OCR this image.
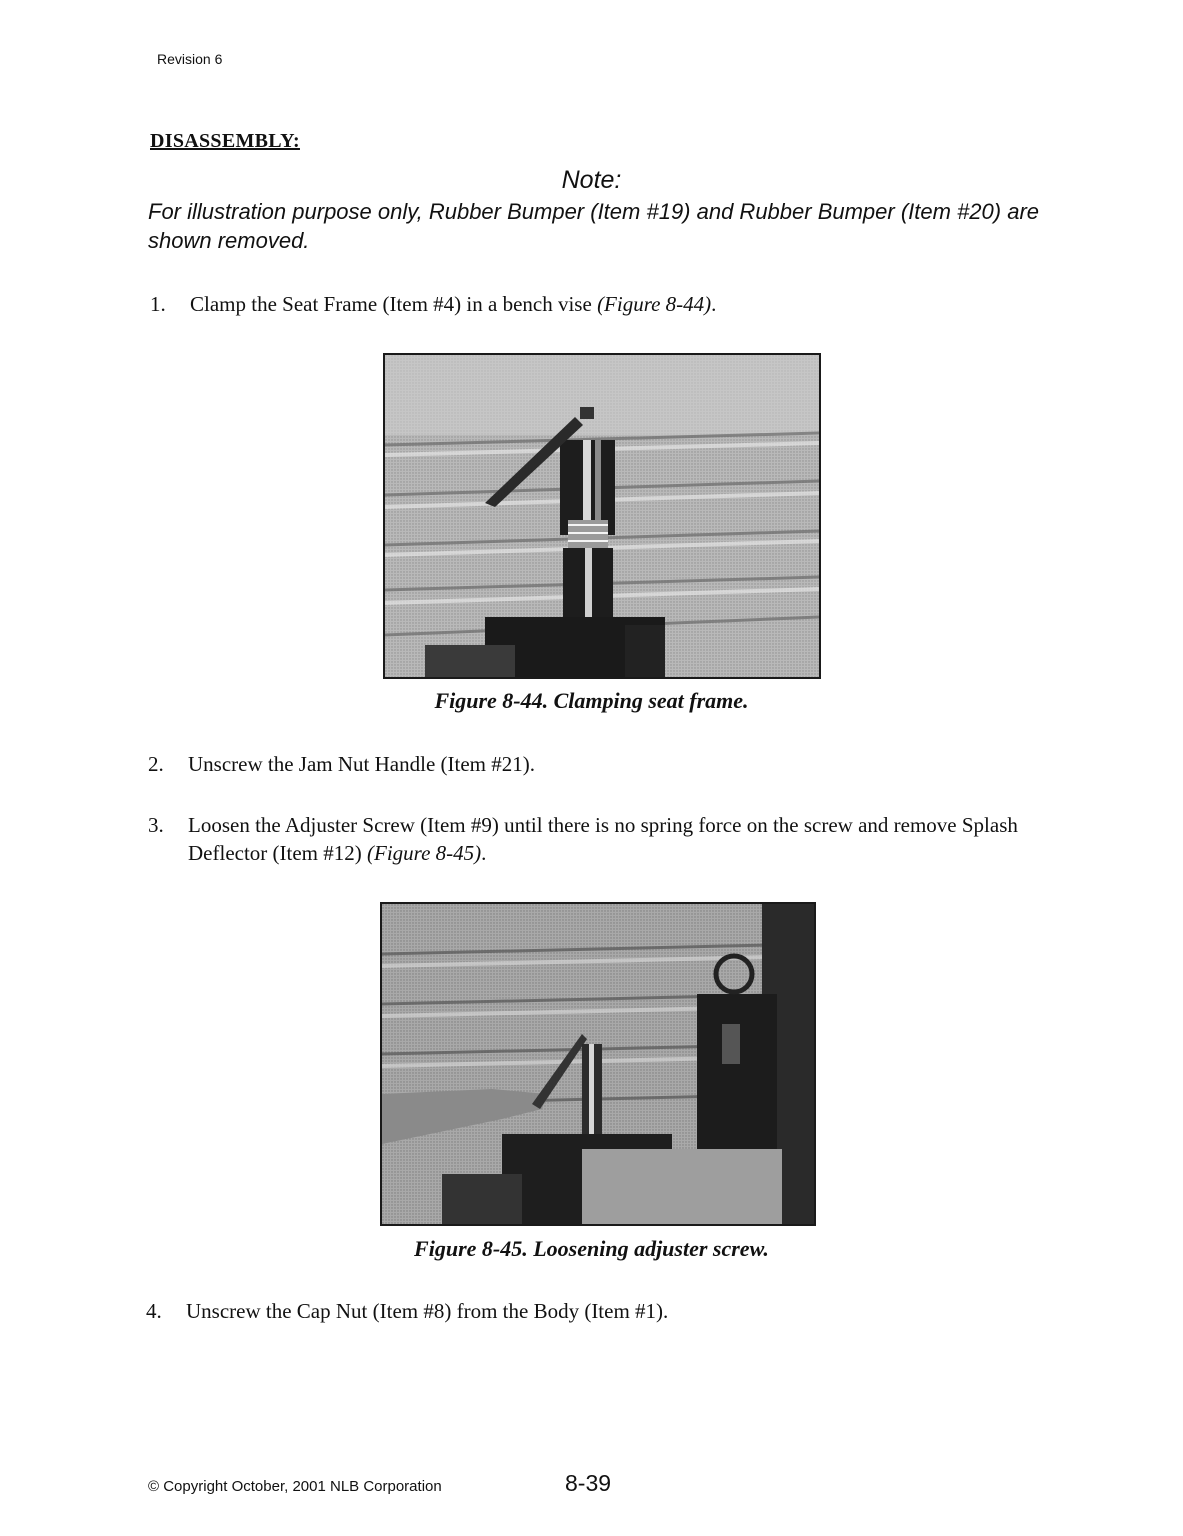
Revision 6
DISASSEMBLY:
Note:
For illustration purpose only, Rubber Bumper (Item #19) and Rubber Bumper (Item #20) are shown removed.
1. Clamp the Seat Frame (Item #4) in a bench vise (Figure 8-44).
Figure 8-44. Clamping seat frame.
2. Unscrew the Jam Nut Handle (Item #21).
3. Loosen the Adjuster Screw (Item #9) until there is no spring force on the screw and remove Splash Deflector (Item #12) (Figure 8-45).
Figure 8-45. Loosening adjuster screw.
4. Unscrew the Cap Nut (Item #8) from the Body (Item #1).
© Copyright October, 2001 NLB Corporation	8-39
